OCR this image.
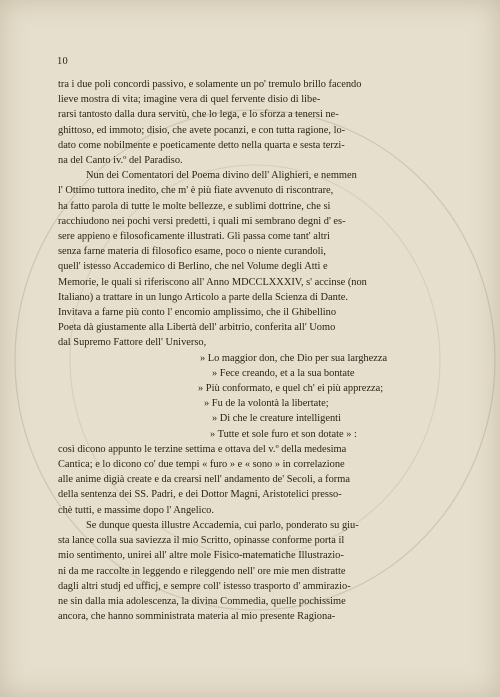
10
tra i due poli concordi passivo, e solamente un po' tremulo brillo facendo
lieve mostra di vita; imagine vera di quel fervente disio di libe-
rarsi tantosto dalla dura servitù, che lo lega, e lo sforza a tenersi ne-
ghittoso, ed immoto; disio, che avete pocanzi, e con tutta ragione, lo-
dato come nobilmente e poeticamente detto nella quarta e sesta terzi-
na del Canto iv.º del Paradiso.
Nun dei Comentatori del Poema divino dell' Alighieri, e nemmen
l' Ottimo tuttora inedito, che m' è più fiate avvenuto di riscontrare,
ha fatto parola di tutte le molte bellezze, e sublimi dottrine, che si
racchiudono nei pochi versi predetti, i quali mi sembrano degni d' es-
sere appieno e filosoficamente illustrati. Gli passa come tant' altri
senza farne materia di filosofico esame, poco o niente curandoli,
quell' istesso Accademico di Berlino, che nel Volume degli Atti e
Memorie, le quali si riferiscono all' Anno MDCCLXXXIV, s' accinse (non
Italiano) a trattare in un lungo Articolo a parte della Scienza di Dante.
Invitava a farne più conto l' encomio amplissimo, che il Ghibellino
Poeta dà giustamente alla Libertà dell' arbitrio, conferita all' Uomo
dal Supremo Fattore dell' Universo,
» Lo maggior don, che Dio per sua larghezza
» Fece creando, et a la sua bontate
» Più conformato, e quel ch' ei più apprezza;
» Fu de la volontà la libertate;
» Di che le creature intelligenti
» Tutte et sole furo et son dotate » :
così dicono appunto le terzine settima e ottava del v.º della medesima
Cantica; e lo dicono co' due tempi « furo » e « sono » in correlazione
alle anime digià create e da crearsi nell' andamento de' Secoli, a forma
della sentenza dei SS. Padri, e dei Dottor Magni, Aristotelici presso-
chè tutti, e massime dopo l' Angelico.
Se dunque questa illustre Accademia, cui parlo, ponderato su giu-
sta lance colla sua saviezza il mio Scritto, opinasse conforme porta il
mio sentimento, unirei all' altre mole Fisico-matematiche Illustrazio-
ni da me raccolte in leggendo e rileggendo nell' ore mie men distratte
dagli altri studj ed uffìcj, e sempre coll' istesso trasporto d' ammirazio-
ne sin dalla mia adolescenza, la divina Commedia, quelle pochissime
ancora, che hanno somministrata materia al mio presente Ragiona-
